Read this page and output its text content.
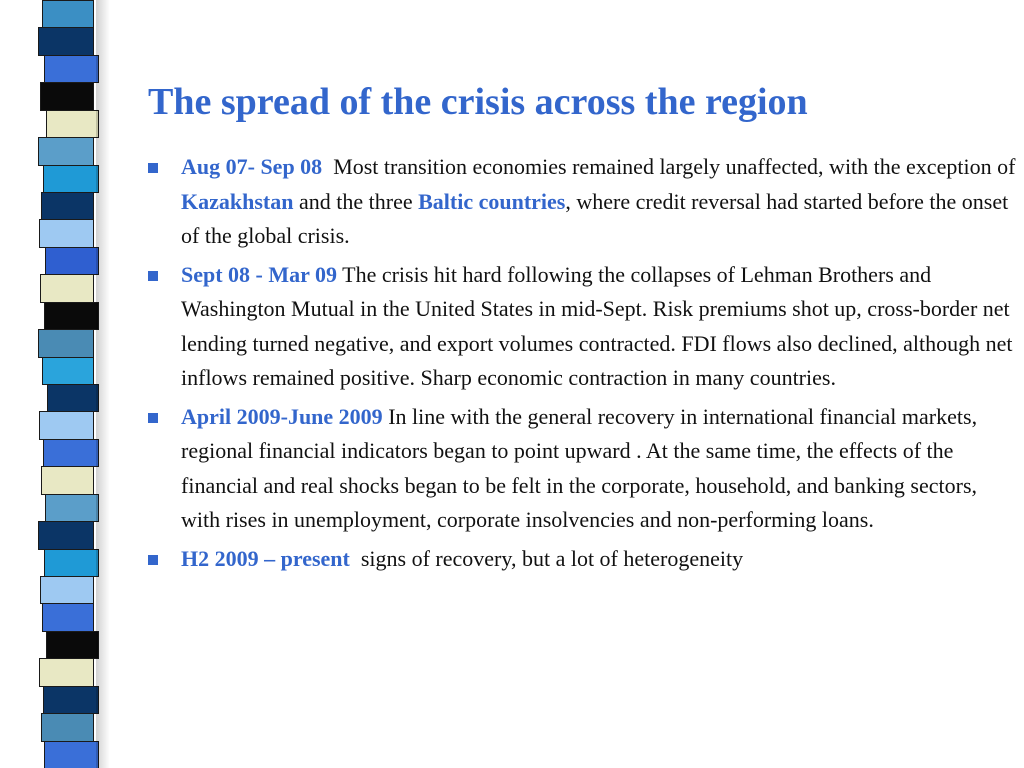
The spread of the crisis across the region
Aug 07- Sep 08 Most transition economies remained largely unaffected, with the exception of Kazakhstan and the three Baltic countries, where credit reversal had started before the onset of the global crisis.
Sept 08 - Mar 09 The crisis hit hard following the collapses of Lehman Brothers and Washington Mutual in the United States in mid-Sept. Risk premiums shot up, cross-border net lending turned negative, and export volumes contracted. FDI flows also declined, although net inflows remained positive. Sharp economic contraction in many countries.
April 2009-June 2009 In line with the general recovery in international financial markets, regional financial indicators began to point upward . At the same time, the effects of the financial and real shocks began to be felt in the corporate, household, and banking sectors, with rises in unemployment, corporate insolvencies and non-performing loans.
H2 2009 – present signs of recovery, but a lot of heterogeneity
